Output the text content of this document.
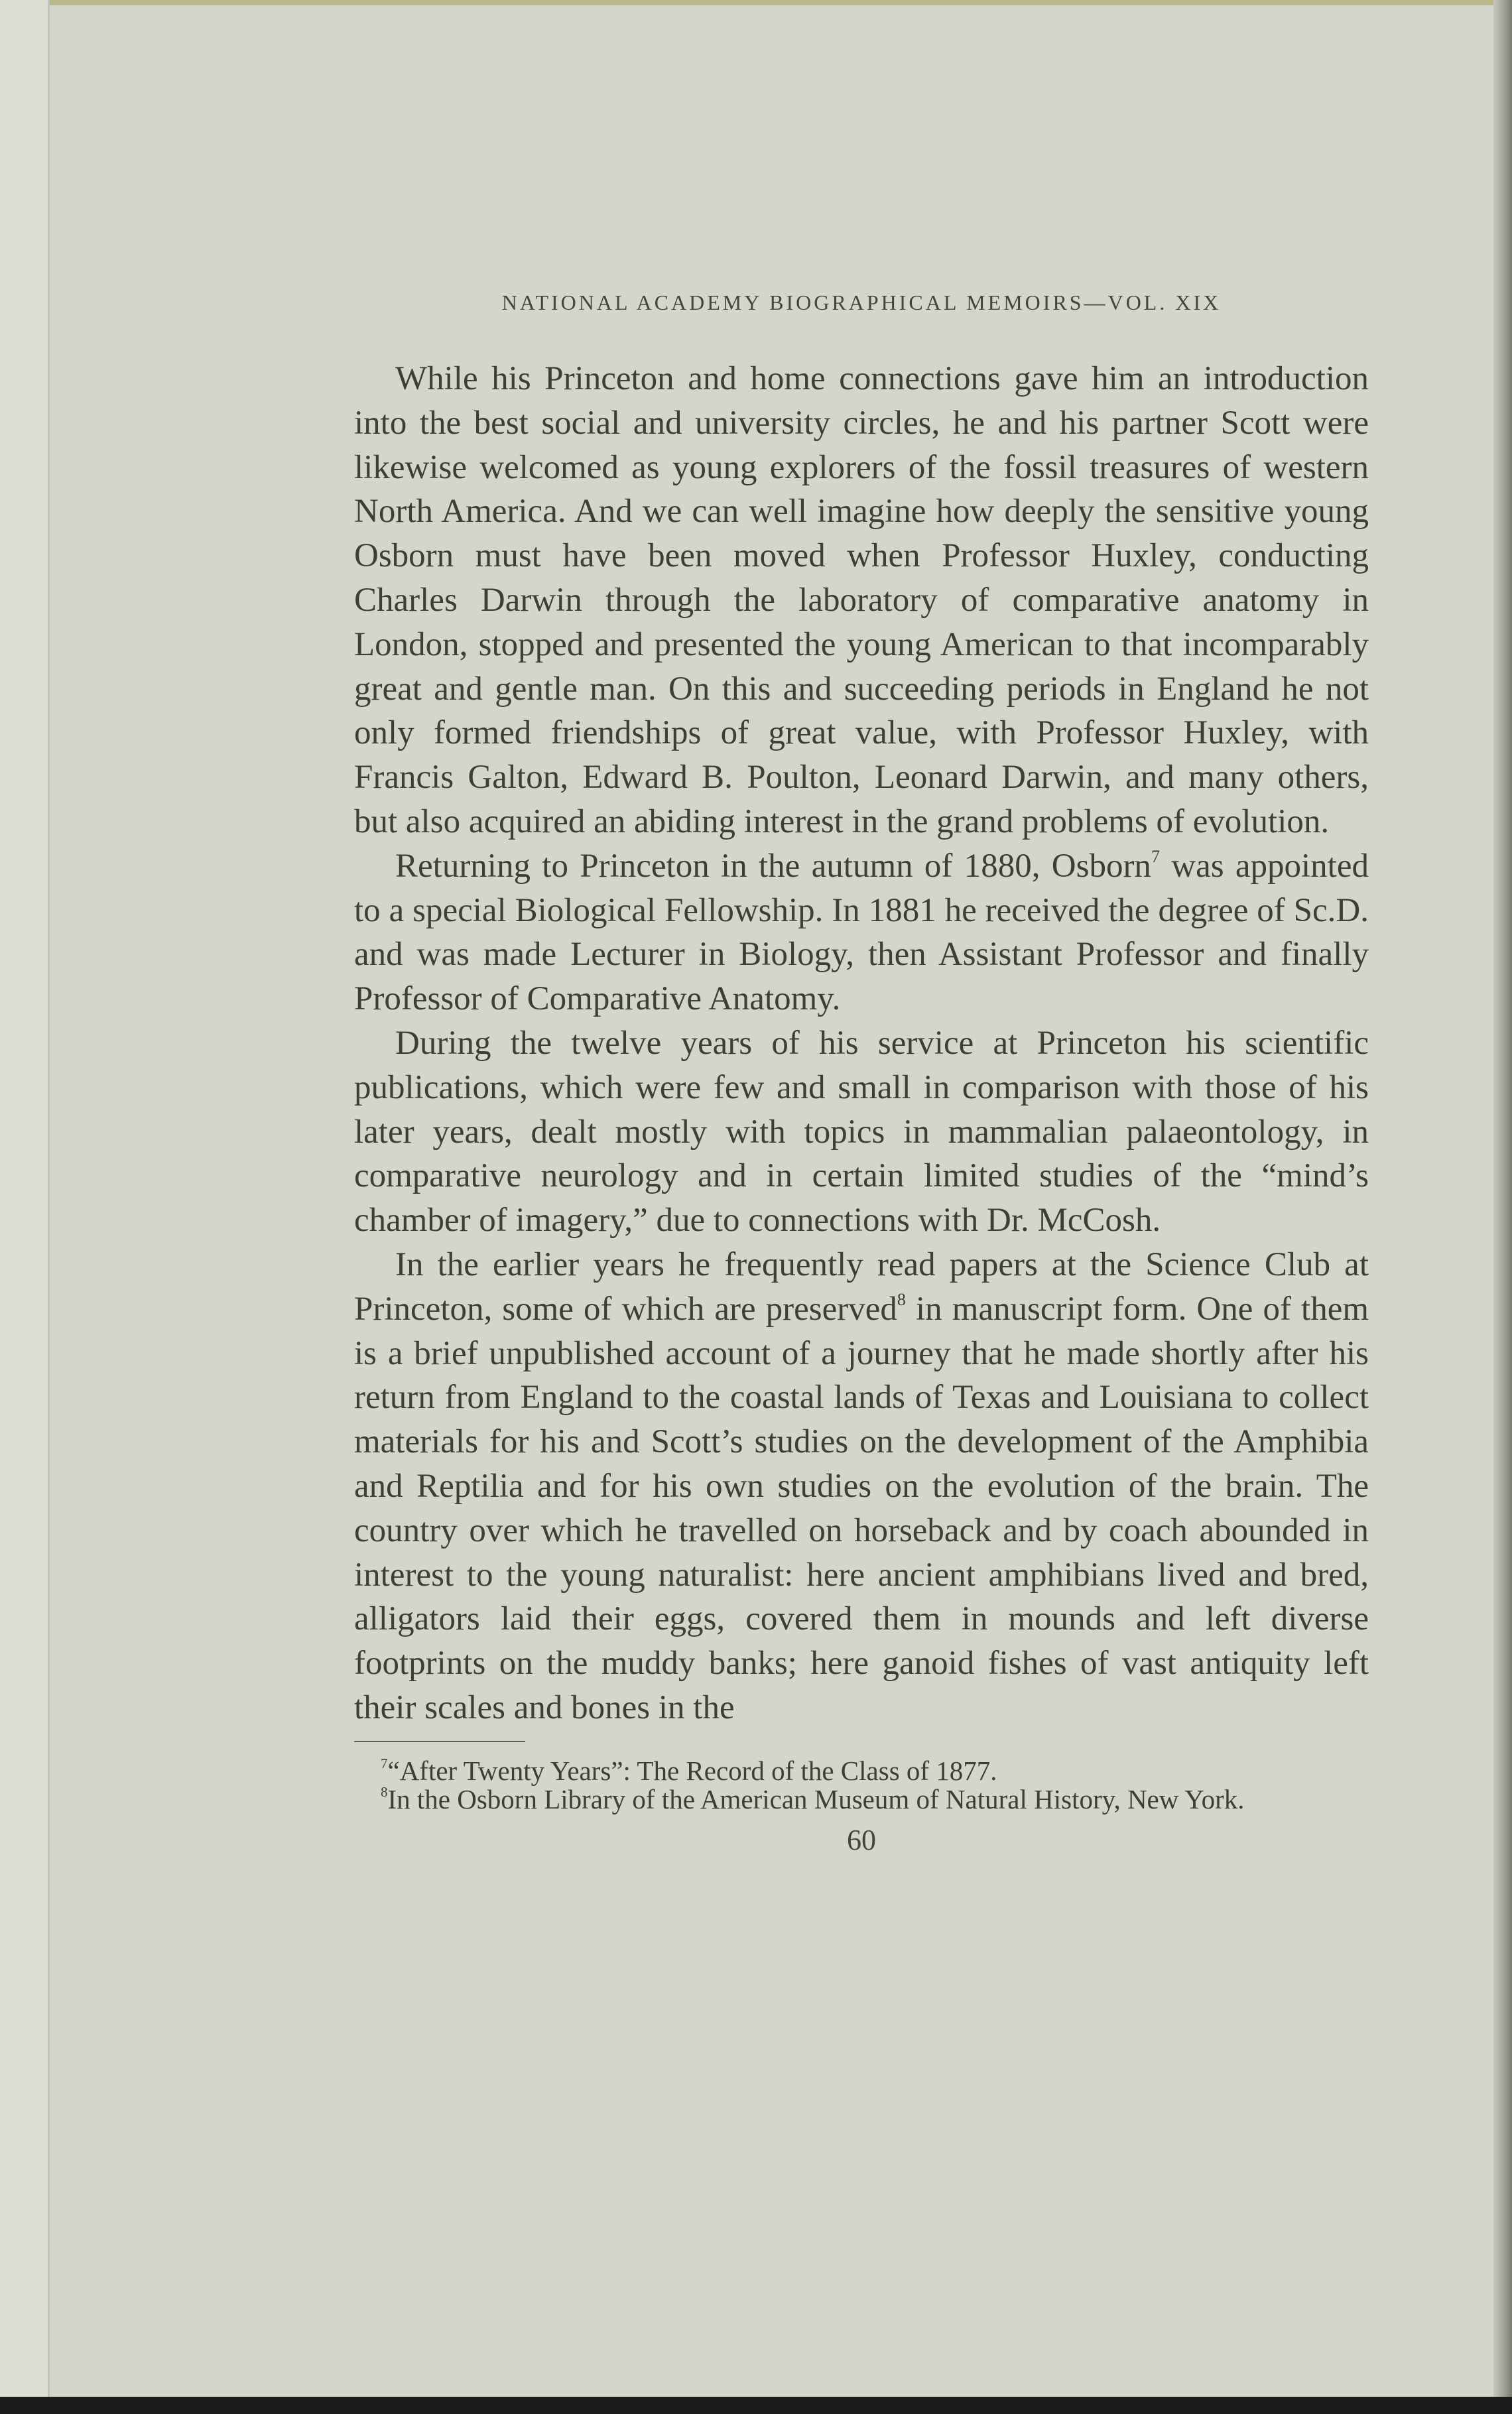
NATIONAL ACADEMY BIOGRAPHICAL MEMOIRS—VOL. XIX

While his Princeton and home connections gave him an introduction into the best social and university circles, he and his partner Scott were likewise welcomed as young explorers of the fossil treasures of western North America. And we can well imagine how deeply the sensitive young Osborn must have been moved when Professor Huxley, conducting Charles Darwin through the laboratory of comparative anatomy in London, stopped and presented the young American to that incomparably great and gentle man. On this and succeeding periods in England he not only formed friendships of great value, with Professor Huxley, with Francis Galton, Edward B. Poulton, Leonard Darwin, and many others, but also acquired an abiding interest in the grand problems of evolution.

Returning to Princeton in the autumn of 1880, Osborn$^7$ was appointed to a special Biological Fellowship. In 1881 he received the degree of Sc.D. and was made Lecturer in Biology, then Assistant Professor and finally Professor of Comparative Anatomy.

During the twelve years of his service at Princeton his scientific publications, which were few and small in comparison with those of his later years, dealt mostly with topics in mammalian palaeontology, in comparative neurology and in certain limited studies of the “mind’s chamber of imagery,” due to connections with Dr. McCosh.

In the earlier years he frequently read papers at the Science Club at Princeton, some of which are preserved$^8$ in manuscript form. One of them is a brief unpublished account of a journey that he made shortly after his return from England to the coastal lands of Texas and Louisiana to collect materials for his and Scott’s studies on the development of the Amphibia and Reptilia and for his own studies on the evolution of the brain. The country over which he travelled on horseback and by coach abounded in interest to the young naturalist: here ancient amphibians lived and bred, alligators laid their eggs, covered them in mounds and left diverse footprints on the muddy banks; here ganoid fishes of vast antiquity left their scales and bones in the

$^7$“After Twenty Years”: The Record of the Class of 1877.

$^8$In the Osborn Library of the American Museum of Natural History, New York.

60
